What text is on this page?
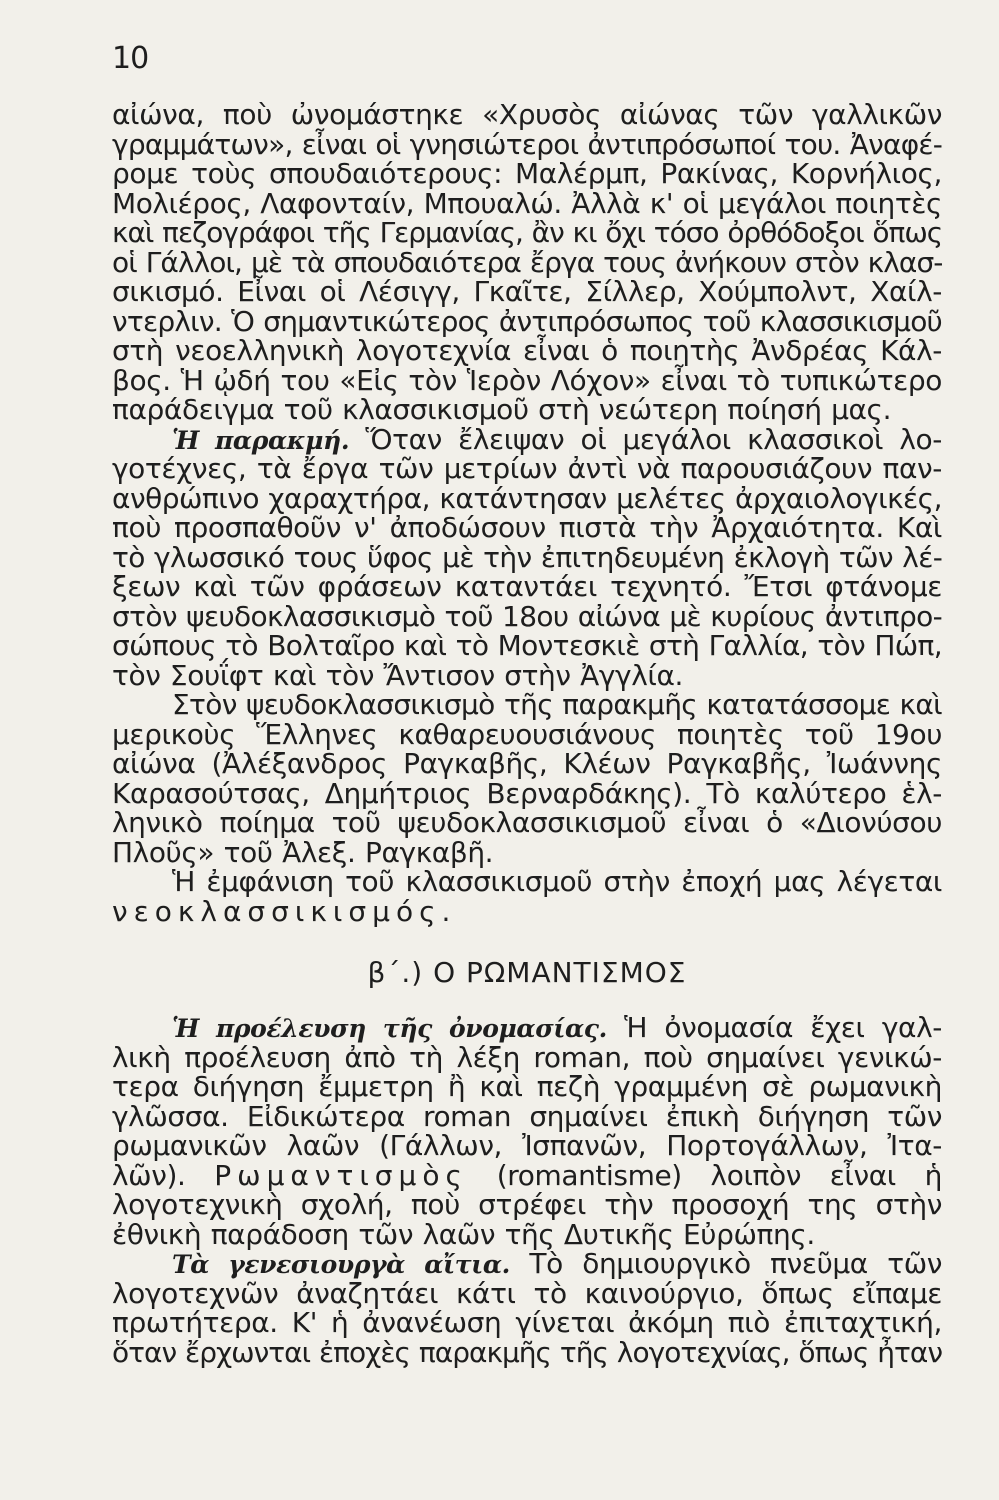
10
αἰώνα, ποὺ ὠνομάστηκε «Χρυσὸς αἰώνας τῶν γαλλικῶν
γραμμάτων», εἶναι οἱ γνησιώτεροι ἀντιπρόσωποί του. Ἀναφέ-
ρομε τοὺς σπουδαιότερους: Μαλέρμπ, Ρακίνας, Κορνήλιος,
Μολιέρος, Λαφονταίν, Μπουαλώ. Ἀλλὰ κ' οἱ μεγάλοι ποιητὲς
καὶ πεζογράφοι τῆς Γερμανίας, ἂν κι ὄχι τόσο ὀρθόδοξοι ὅπως
οἱ Γάλλοι, μὲ τὰ σπουδαιότερα ἔργα τους ἀνήκουν στὸν κλασ-
σικισμό. Εἶναι οἱ Λέσιγγ, Γκαῖτε, Σίλλερ, Χούμπολντ, Χαίλ-
ντερλιν. Ὁ σημαντικώτερος ἀντιπρόσωπος τοῦ κλασσικισμοῦ
στὴ νεοελληνικὴ λογοτεχνία εἶναι ὁ ποιητὴς Ἀνδρέας Κάλ-
βος. Ἡ ᾠδή του «Εἰς τὸν Ἱερὸν Λόχον» εἶναι τὸ τυπικώτερο
παράδειγμα τοῦ κλασσικισμοῦ στὴ νεώτερη ποίησή μας.
Ἡ παρακμή. Ὅταν ἔλειψαν οἱ μεγάλοι κλασσικοὶ λο-
γοτέχνες, τὰ ἔργα τῶν μετρίων ἀντὶ νὰ παρουσιάζουν παν-
ανθρώπινο χαραχτήρα, κατάντησαν μελέτες ἀρχαιολογικές,
ποὺ προσπαθοῦν ν' ἀποδώσουν πιστὰ τὴν Ἀρχαιότητα. Καὶ
τὸ γλωσσικό τους ὕφος μὲ τὴν ἐπιτηδευμένη ἐκλογὴ τῶν λέ-
ξεων καὶ τῶν φράσεων καταντάει τεχνητό. Ἔτσι φτάνομε
στὸν ψευδοκλασσικισμὸ τοῦ 18ου αἰώνα μὲ κυρίους ἀντιπρο-
σώπους τὸ Βολταῖρο καὶ τὸ Μοντεσκιὲ στὴ Γαλλία, τὸν Πώπ,
τὸν Σουΐφτ καὶ τὸν Ἄντισον στὴν Ἀγγλία.
Στὸν ψευδοκλασσικισμὸ τῆς παρακμῆς κατατάσσομε καὶ
μερικοὺς Ἕλληνες καθαρευουσιάνους ποιητὲς τοῦ 19ου
αἰώνα (Ἀλέξανδρος Ραγκαβῆς, Κλέων Ραγκαβῆς, Ἰωάννης
Καρασούτσας, Δημήτριος Βερναρδάκης). Τὸ καλύτερο ἑλ-
ληνικὸ ποίημα τοῦ ψευδοκλασσικισμοῦ εἶναι ὁ «Διονύσου
Πλοῦς» τοῦ Ἀλεξ. Ραγκαβῆ.
Ἡ ἐμφάνιση τοῦ κλασσικισμοῦ στὴν ἐποχή μας λέγεται
νεοκλασσικισμός.
β΄.) Ο ΡΩΜΑΝΤΙΣΜΟΣ
Ἡ προέλευση τῆς ὀνομασίας. Ἡ ὀνομασία ἔχει γαλ-
λικὴ προέλευση ἀπὸ τὴ λέξη roman, ποὺ σημαίνει γενικώ-
τερα διήγηση ἔμμετρη ἢ καὶ πεζὴ γραμμένη σὲ ρωμανικὴ
γλῶσσα. Εἰδικώτερα roman σημαίνει ἐπικὴ διήγηση τῶν
ρωμανικῶν λαῶν (Γάλλων, Ἰσπανῶν, Πορτογάλλων, Ἰτα-
λῶν). Ρωμαντισμὸς (romantisme) λοιπὸν εἶναι ἡ
λογοτεχνικὴ σχολή, ποὺ στρέφει τὴν προσοχή της στὴν
ἐθνικὴ παράδοση τῶν λαῶν τῆς Δυτικῆς Εὐρώπης.
Τὰ γενεσιουργὰ αἴτια. Τὸ δημιουργικὸ πνεῦμα τῶν
λογοτεχνῶν ἀναζητάει κάτι τὸ καινούργιο, ὅπως εἴπαμε
πρωτήτερα. Κ' ἡ ἀνανέωση γίνεται ἀκόμη πιὸ ἐπιταχτική,
ὅταν ἔρχωνται ἐποχὲς παρακμῆς τῆς λογοτεχνίας, ὅπως ἦταν
